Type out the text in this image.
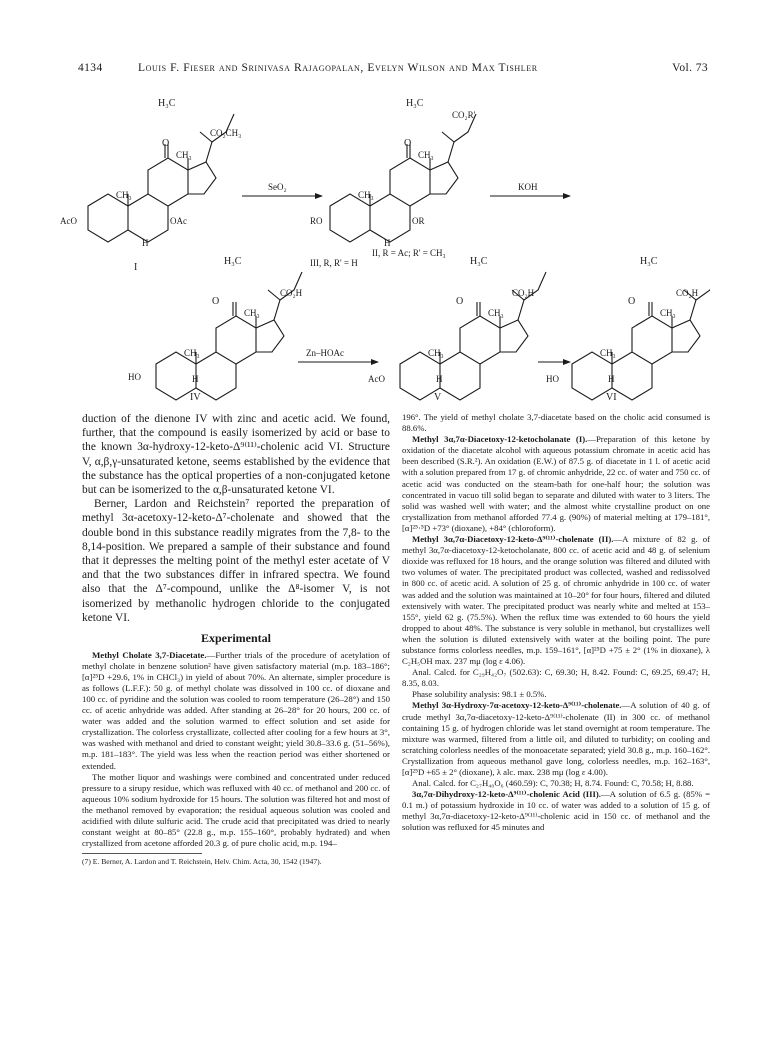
4134	Louis F. Fieser and Srinivasa Rajagopalan, Evelyn Wilson and Max Tishler	Vol. 73
H₃C
O
CH₃
CH₃
CO₂CH₃
AcO	OAc
H
I
SeO₂
H₃C
O
CH₃
CH₃
CO₂R'
RO	OR
H
II, R = Ac; R' = CH₃
III, R, R' = H
KOH
H₃C
O
CH₃
CH₃
CO₂H
HO	H
IV
Zn–HOAc
H₃C
O
CH₃
CH₃
CO₂H
AcO	H
V
H₃C
O
CH₃
CH₃
CO₂H
HO	H
VI

duction of the dienone IV with zinc and acetic acid. We found, further, that the compound is easily isomerized by acid or base to the known 3α-hydroxy-12-keto-Δ⁹⁽¹¹⁾-cholenic acid VI. Structure V, α,β,γ-unsaturated ketone, seems established by the evidence that the substance has the optical properties of a non-conjugated ketone but can be isomerized to the α,β-unsaturated ketone VI.

Berner, Lardon and Reichstein⁷ reported the preparation of methyl 3α-acetoxy-12-keto-Δ⁷-cholenate and showed that the double bond in this substance readily migrates from the 7,8- to the 8,14-position. We prepared a sample of their substance and found that it depresses the melting point of the methyl ester acetate of V and that the two substances differ in infrared spectra. We found also that the Δ⁷-compound, unlike the Δ⁸-isomer V, is not isomerized by methanolic hydrogen chloride to the conjugated ketone VI.

Experimental

Methyl Cholate 3,7-Diacetate.—Further trials of the procedure of acetylation of methyl cholate in benzene solution² have given satisfactory material (m.p. 183–186°; [α]²⁵D +29.6, 1% in CHCl₃) in yield of about 70%. An alternate, simpler procedure is as follows (L.F.F.): 50 g. of methyl cholate was dissolved in 100 cc. of dioxane and 100 cc. of pyridine and the solution was cooled to room temperature (26–28°) and 150 cc. of acetic anhydride was added. After standing at 26–28° for 20 hours, 200 cc. of water was added and the solution warmed to effect solution and set aside for crystallization. The colorless crystallizate, collected after cooling for a few hours at 3°, was washed with methanol and dried to constant weight; yield 30.8–33.6 g. (51–56%), m.p. 181–183°. The yield was less when the reaction period was either shortened or extended.

The mother liquor and washings were combined and concentrated under reduced pressure to a sirupy residue, which was refluxed with 40 cc. of methanol and 200 cc. of aqueous 10% sodium hydroxide for 15 hours. The solution was filtered hot and most of the methanol removed by evaporation; the residual aqueous solution was cooled and acidified with dilute sulfuric acid. The crude acid that precipitated was dried to nearly constant weight at 80–85° (22.8 g., m.p. 155–160°, probably hydrated) and when crystallized from acetone afforded 20.3 g. of pure cholic acid, m.p. 194–

(7) E. Berner, A. Lardon and T. Reichstein, Helv. Chim. Acta, 30, 1542 (1947).

196°. The yield of methyl cholate 3,7-diacetate based on the cholic acid consumed is 88.6%.

Methyl 3α,7α-Diacetoxy-12-ketocholanate (I).—Preparation of this ketone by oxidation of the diacetate alcohol with aqueous potassium chromate in acetic acid has been described (S.R.²). An oxidation (E.W.) of 87.5 g. of diacetate in 1 l. of acetic acid with a solution prepared from 17 g. of chromic anhydride, 22 cc. of water and 750 cc. of acetic acid was conducted on the steam-bath for one-half hour; the solution was concentrated in vacuo till solid began to separate and diluted with water to 3 liters. The solid was washed well with water; and the almost white crystalline product on one crystallization from methanol afforded 77.4 g. (90%) of material melting at 179–181°, [α]²⁵·⁵D +73° (dioxane), +84° (chloroform).

Methyl 3α,7α-Diacetoxy-12-keto-Δ⁹⁽¹¹⁾-cholenate (II).—A mixture of 82 g. of methyl 3α,7α-diacetoxy-12-ketocholanate, 800 cc. of acetic acid and 48 g. of selenium dioxide was refluxed for 18 hours, and the orange solution was filtered and diluted with two volumes of water. The precipitated product was collected, washed and redissolved in 800 cc. of acetic acid. A solution of 25 g. of chromic anhydride in 100 cc. of water was added and the solution was maintained at 10–20° for four hours, filtered and diluted extensively with water. The precipitated product was nearly white and melted at 153–155°, yield 62 g. (75.5%). When the reflux time was extended to 60 hours the yield dropped to about 48%. The substance is very soluble in methanol, but crystallizes well when the solution is diluted extensively with water at the boiling point. The pure substance forms colorless needles, m.p. 159–161°, [α]²⁵D +75 ± 2° (1% in dioxane), λ C₂H₅OH max. 237 mμ (log ε 4.06).

Anal. Calcd. for C₂₉H₄₂O₇ (502.63): C, 69.30; H, 8.42. Found: C, 69.25, 69.47; H, 8.35, 8.03.

Phase solubility analysis: 98.1 ± 0.5%.

Methyl 3α-Hydroxy-7α-acetoxy-12-keto-Δ⁹⁽¹¹⁾-cholenate.—A solution of 40 g. of crude methyl 3α,7α-diacetoxy-12-keto-Δ⁹⁽¹¹⁾-cholenate (II) in 300 cc. of methanol containing 15 g. of hydrogen chloride was let stand overnight at room temperature. The mixture was warmed, filtered from a little oil, and diluted to turbidity; on cooling and scratching colorless needles of the monoacetate separated; yield 30.8 g., m.p. 160–162°. Crystallization from aqueous methanol gave long, colorless needles, m.p. 162–163°, [α]²⁵D +65 ± 2° (dioxane), λ alc. max. 238 mμ (log ε 4.00).

Anal. Calcd. for C₂₇H₄₀O₆ (460.59): C, 70.38; H, 8.74. Found: C, 70.58; H, 8.88.

3α,7α-Dihydroxy-12-keto-Δ⁹⁽¹¹⁾-cholenic Acid (III).—A solution of 6.5 g. (85% = 0.1 m.) of potassium hydroxide in 10 cc. of water was added to a solution of 15 g. of methyl 3α,7α-diacetoxy-12-keto-Δ⁹⁽¹¹⁾-cholenic acid in 150 cc. of methanol and the solution was refluxed for 45 minutes and
